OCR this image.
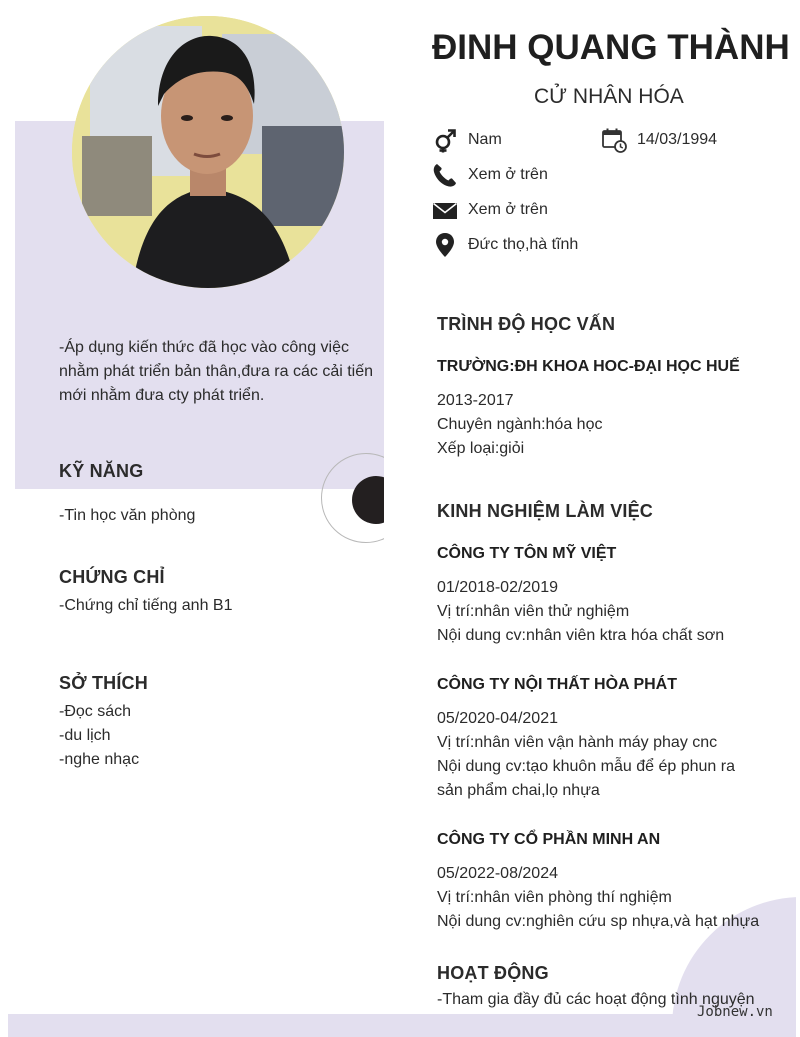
-Áp dụng kiến thức đã học vào công việc nhằm phát triển bản thân,đưa ra các cải tiến mới nhằm đưa cty phát triển.
KỸ NĂNG
-Tin học văn phòng
CHỨNG CHỈ
-Chứng chỉ tiếng anh B1
SỞ THÍCH
-Đọc sách
-du lịch
-nghe nhạc
ĐINH QUANG THÀNH
CỬ NHÂN HÓA
Nam	14/03/1994
Xem ở trên
Xem ở trên
Đức thọ,hà tĩnh
TRÌNH ĐỘ HỌC VẤN
TRƯỜNG:ĐH KHOA HOC-ĐẠI HỌC HUẾ
2013-2017
Chuyên ngành:hóa học
Xếp loại:giỏi
KINH NGHIỆM LÀM VIỆC
CÔNG TY TÔN MỸ VIỆT
01/2018-02/2019
Vị trí:nhân viên thử nghiệm
Nội dung cv:nhân viên ktra hóa chất sơn
CÔNG TY NỘI THẤT HÒA PHÁT
05/2020-04/2021
Vị trí:nhân viên vận hành máy phay cnc
Nội dung cv:tạo khuôn mẫu để ép phun ra
sản phẩm chai,lọ nhựa
CÔNG TY CỔ PHẦN MINH AN
05/2022-08/2024
Vị trí:nhân viên phòng thí nghiệm
Nội dung cv:nghiên cứu sp nhựa,và hạt nhựa
HOẠT ĐỘNG
-Tham gia đầy đủ các hoạt động tình nguyện
Jobnew.vn
